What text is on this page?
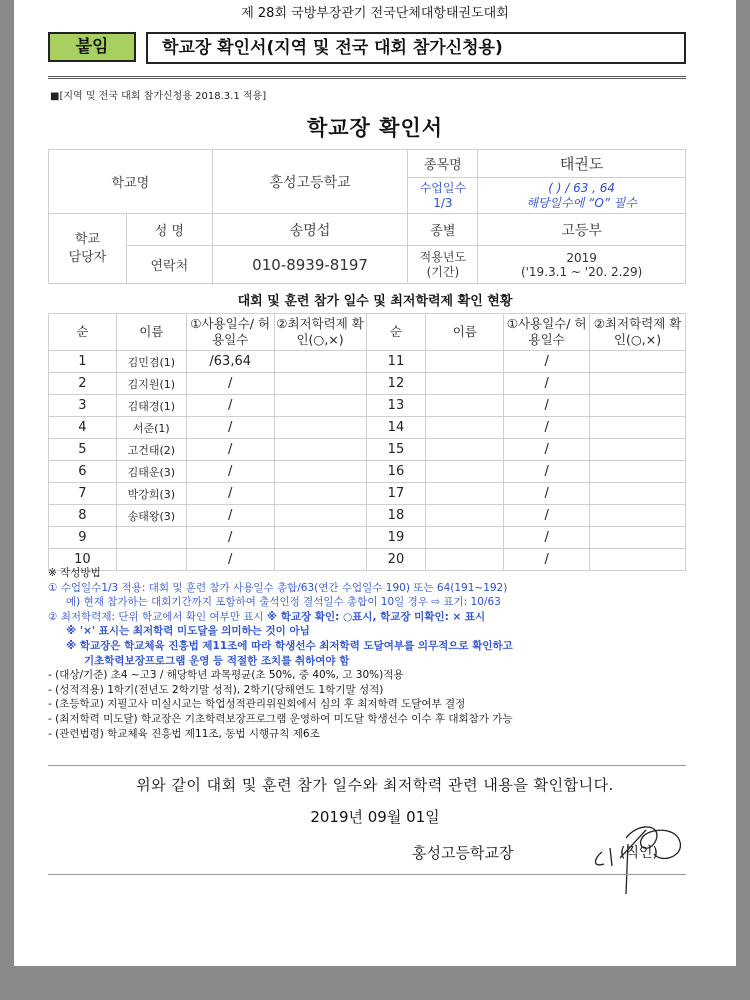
제 28회 국방부장관기 전국단체대항태권도대회
붙임	학교장 확인서(지역 및 전국 대회 참가신청용)
■[지역 및 전국 대회 참가신청용 2018.3.1 적용]
학교장 확인서
학교명		홍성고등학교	종목명	태권도
			수업일수 1/3	( ) / 63 , 64
해당일수에 “O” 필수

학교 담당자	성 명	송명섭	종별	고등부
	연락처	010-8939-8197	적용년도 (기간)	2019
('19.3.1 ~ '20. 2.29)
대회 및 훈련 참가 일수 및 최저학력제 확인 현황
순	이름	①사용일수/ 허용일수	②최저학력제 확인(○,×)	순	이름	①사용일수/ 허용일수	②최저학력제 확인(○,×)
1	김민겸(1)	/63,64		11		/	
2	김지원(1)	/		12		/	
3	김태경(1)	/		13		/	
4	서준(1)	/		14		/	
5	고건태(2)	/		15		/	
6	김태운(3)	/		16		/	
7	박강희(3)	/		17		/	
8	송태왕(3)	/		18		/	
9		/		19		/	
10		/		20		/	
※ 작성방법
① 수업일수1/3 적용: 대회 및 훈련 참가 사용일수 총합/63(연간 수업일수 190) 또는 64(191~192)
예) 현재 참가하는 대회기간까지 포함하여 출석인정 결석일수 총합이 10일 경우 ⇨ 표기: 10/63
② 최저학력제: 단위 학교에서 확인 여부만 표시 ※ 학교장 확인: ○표시, 학교장 미확인: × 표시
※ '×' 표시는 최저학력 미도달을 의미하는 것이 아님
※ 학교장은 학교체육 진흥법 제11조에 따라 학생선수 최저학력 도달여부를 의무적으로 확인하고
기초학력보장프로그램 운영 등 적절한 조치를 취하여야 함
- (대상/기준) 초4 ~고3 / 해당학년 과목평균(초 50%, 중 40%, 고 30%)적용
- (성적적용) 1학기(전년도 2학기말 성적), 2학기(당해연도 1학기말 성적)
- (초등학교) 지필고사 미실시교는 학업성적관리위원회에서 심의 후 최저학력 도달여부 결정
- (최저학력 미도달) 학교장은 기초학력보장프로그램 운영하여 미도달 학생선수 이수 후 대회참가 가능
- (관련법령) 학교체육 진흥법 제11조, 동법 시행규칙 제6조
위와 같이 대회 및 훈련 참가 일수와 최저학력 관련 내용을 확인합니다.
2019년 09월 01일
홍성고등학교장	(직인)
